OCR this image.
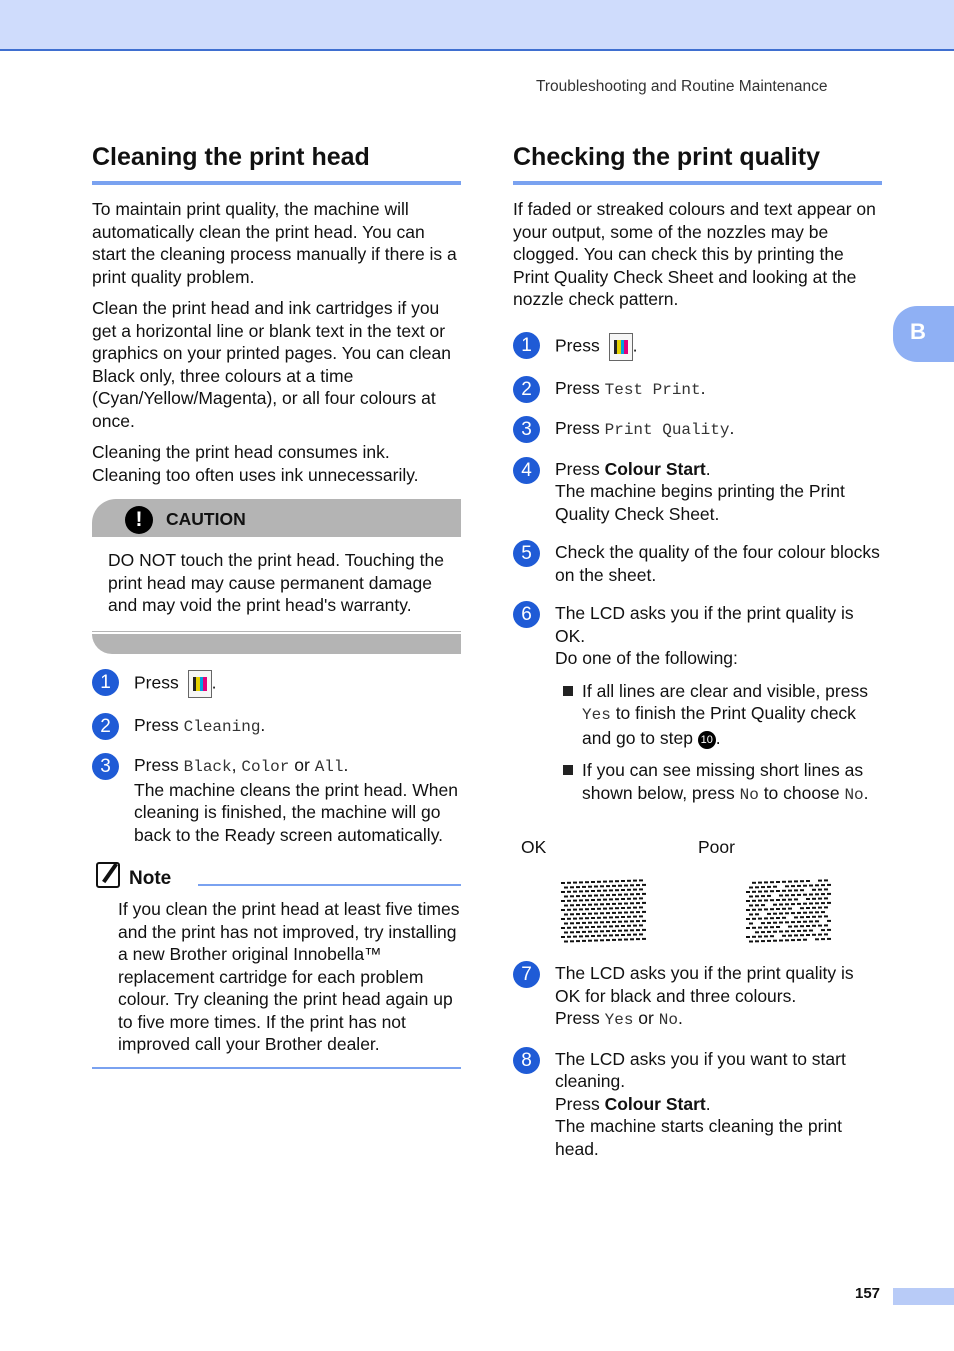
Troubleshooting and Routine Maintenance
B
Cleaning the print head

To maintain print quality, the machine will automatically clean the print head. You can start the cleaning process manually if there is a print quality problem.

Clean the print head and ink cartridges if you get a horizontal line or blank text in the text or graphics on your printed pages. You can clean Black only, three colours at a time (Cyan/Yellow/Magenta), or all four colours at once.

Cleaning the print head consumes ink. Cleaning too often uses ink unnecessarily.

!	CAUTION
DO NOT touch the print head. Touching the print head may cause permanent damage and may void the print head's warranty.
1	Press .
2	Press Cleaning.
3	Press Black, Color or All.
The machine cleans the print head. When cleaning is finished, the machine will go back to the Ready screen automatically.
Note
If you clean the print head at least five times and the print has not improved, try installing a new Brother original Innobella™ replacement cartridge for each problem colour. Try cleaning the print head again up to five more times. If the print has not improved call your Brother dealer.
Checking the print quality

If faded or streaked colours and text appear on your output, some of the nozzles may be clogged. You can check this by printing the Print Quality Check Sheet and looking at the nozzle check pattern.

1	Press .
2	Press Test Print.
3	Press Print Quality.
4	Press Colour Start.
The machine begins printing the Print Quality Check Sheet.
5	Check the quality of the four colour blocks on the sheet.
6	The LCD asks you if the print quality is OK.
Do one of the following:
If all lines are clear and visible, press Yes to finish the Print Quality check and go to step 10 .
If you can see missing short lines as shown below, press No to choose No.
OK	Poor
7	The LCD asks you if the print quality is OK for black and three colours.
Press Yes or No.
8	The LCD asks you if you want to start cleaning.
Press Colour Start.
The machine starts cleaning the print head.
157
